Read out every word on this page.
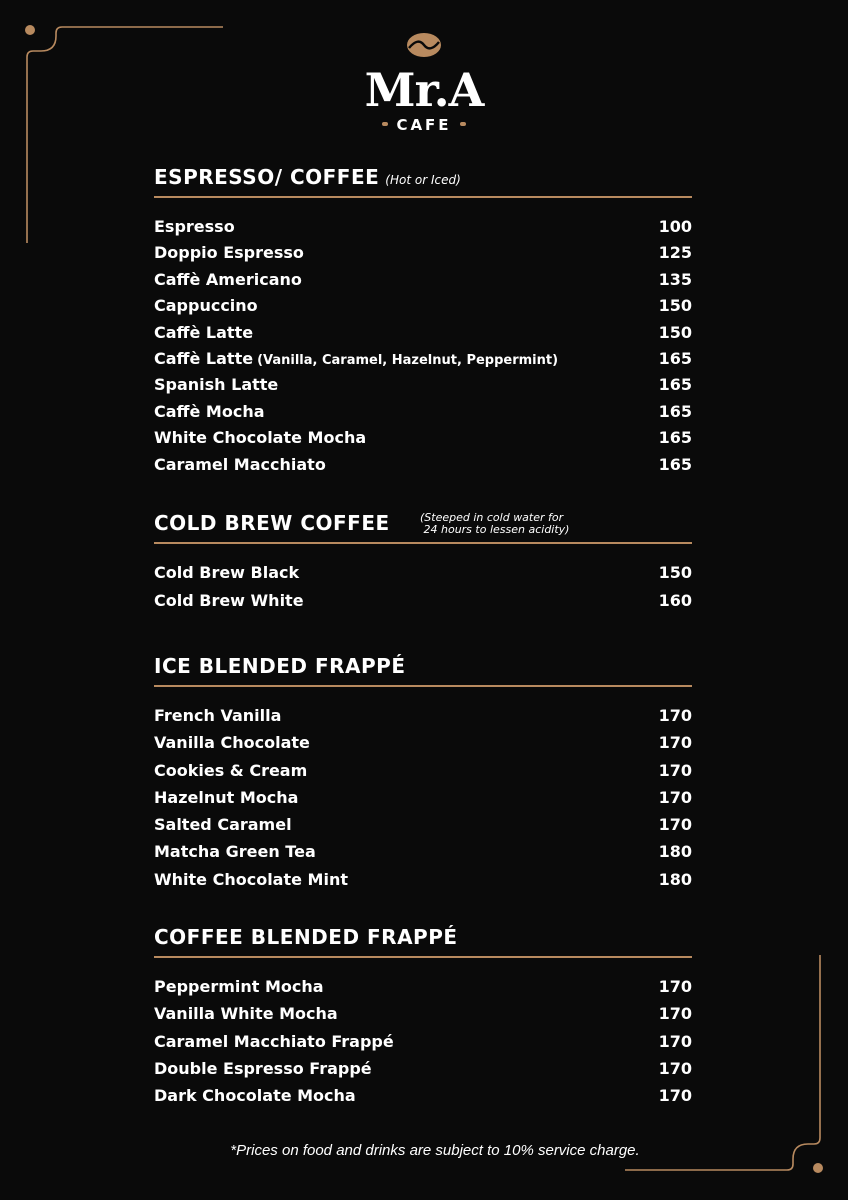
Mr.A
CAFE
ESPRESSO/ COFFEE (Hot or Iced)
Espresso	100
Doppio Espresso	125
Caffè Americano	135
Cappuccino	150
Caffè Latte	150
Caffè Latte (Vanilla, Caramel, Hazelnut, Peppermint)	165
Spanish Latte	165
Caffè Mocha	165
White Chocolate Mocha	165
Caramel Macchiato	165
COLD BREW COFFEE	(Steeped in cold water for
24 hours to lessen acidity)
Cold Brew Black	150
Cold Brew White	160
ICE BLENDED FRAPPÉ
French Vanilla	170
Vanilla Chocolate	170
Cookies & Cream	170
Hazelnut Mocha	170
Salted Caramel	170
Matcha Green Tea	180
White Chocolate Mint	180
COFFEE BLENDED FRAPPÉ
Peppermint Mocha	170
Vanilla White Mocha	170
Caramel Macchiato Frappé	170
Double Espresso Frappé	170
Dark Chocolate Mocha	170
*Prices on food and drinks are subject to 10% service charge.
